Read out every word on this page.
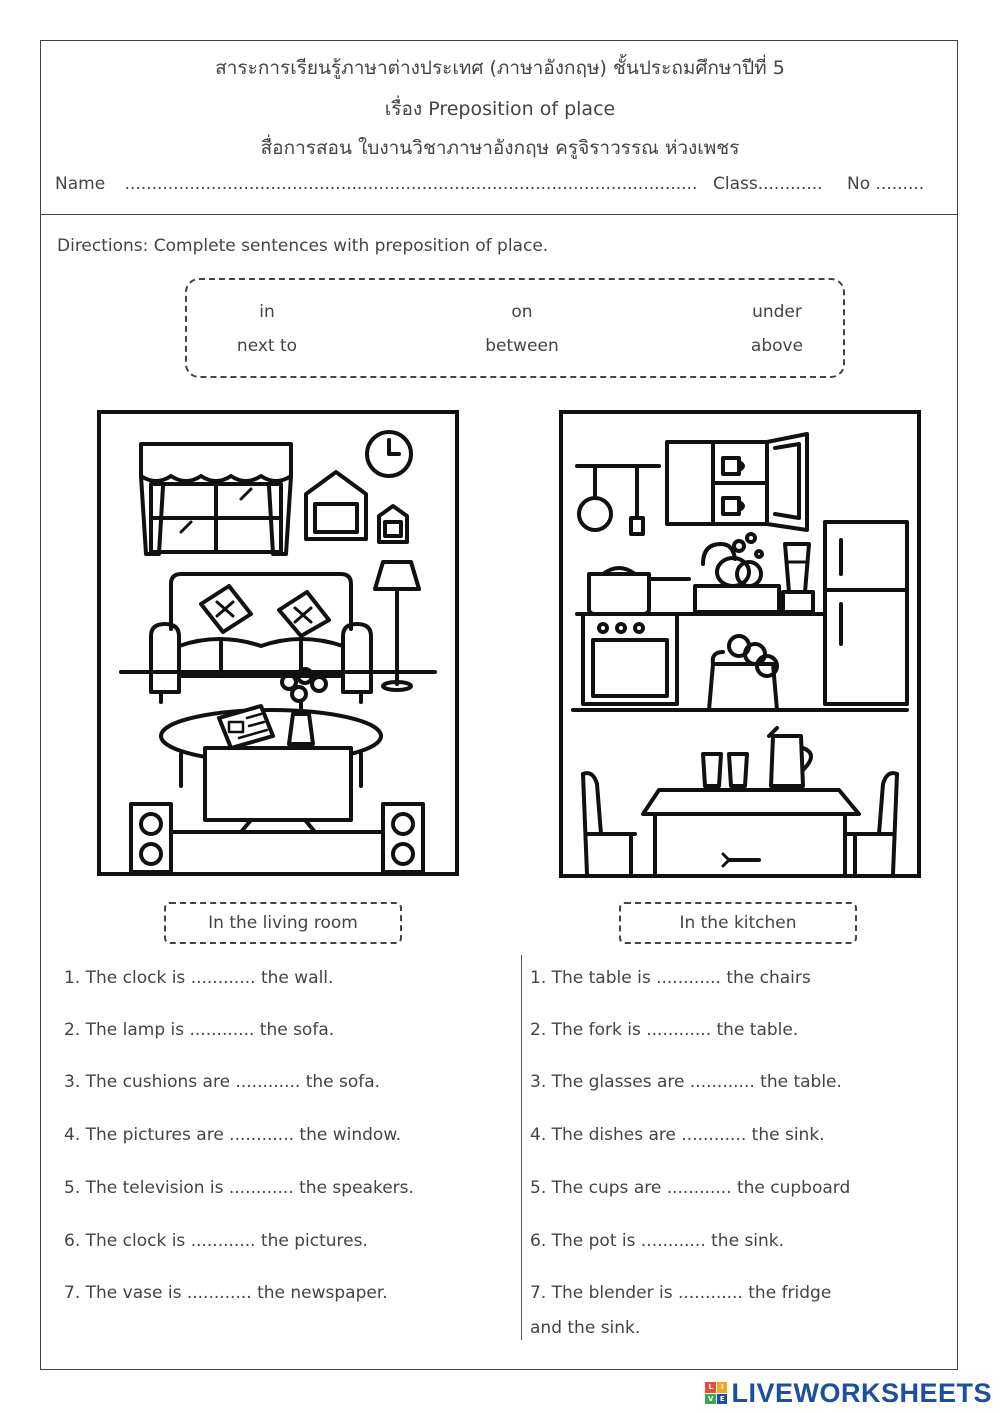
สาระการเรียนรู้ภาษาต่างประเทศ (ภาษาอังกฤษ) ชั้นประถมศึกษาปีที่ 5
เรื่อง Preposition of place
สื่อการสอน ใบงานวิชาภาษาอังกฤษ ครูจิราวรรณ ห่วงเพชร
Name .......................................................................................................... Class............ No .........
Directions: Complete sentences with preposition of place.
in	on	under
next to	between	above
In the living room	In the kitchen
1. The clock is ............ the wall.
2. The lamp is ............ the sofa.
3. The cushions are ............ the sofa.
4. The pictures are ............ the window.
5. The television is ............ the speakers.
6. The clock is ............ the pictures.
7. The vase is ............ the newspaper.
1. The table is ............ the chairs
2. The fork is ............ the table.
3. The glasses are ............ the table.
4. The dishes are ............ the sink.
5. The cups are ............ the cupboard
6. The pot is ............ the sink.
7. The blender is ............ the fridge
and the sink.
L	I
V E LIVEWORKSHEETS
